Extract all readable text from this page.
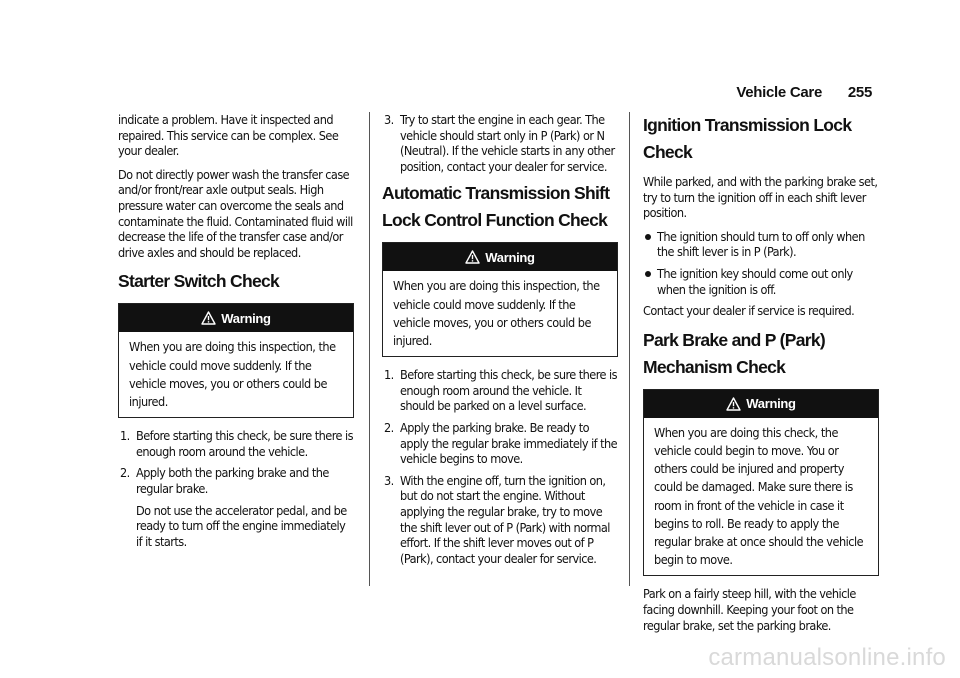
Vehicle Care 255

indicate a problem. Have it inspected and repaired. This service can be complex. See your dealer.

Do not directly power wash the transfer case and/or front/rear axle output seals. High pressure water can overcome the seals and contaminate the fluid. Contaminated fluid will decrease the life of the transfer case and/or drive axles and should be replaced.

Starter Switch Check
Warning
When you are doing this inspection, the vehicle could move suddenly. If the vehicle moves, you or others could be injured.
1. Before starting this check, be sure there is enough room around the vehicle.
2. Apply both the parking brake and the regular brake.
Do not use the accelerator pedal, and be ready to turn off the engine immediately if it starts.
3. Try to start the engine in each gear. The vehicle should start only in P (Park) or N (Neutral). If the vehicle starts in any other position, contact your dealer for service.
Automatic Transmission Shift Lock Control Function Check
Warning
When you are doing this inspection, the vehicle could move suddenly. If the vehicle moves, you or others could be injured.
1. Before starting this check, be sure there is enough room around the vehicle. It should be parked on a level surface.
2. Apply the parking brake. Be ready to apply the regular brake immediately if the vehicle begins to move.
3. With the engine off, turn the ignition on, but do not start the engine. Without applying the regular brake, try to move the shift lever out of P (Park) with normal effort. If the shift lever moves out of P (Park), contact your dealer for service.
Ignition Transmission Lock Check

While parked, and with the parking brake set, try to turn the ignition off in each shift lever position.

The ignition should turn to off only when the shift lever is in P (Park).
The ignition key should come out only when the ignition is off.

Contact your dealer if service is required.

Park Brake and P (Park) Mechanism Check
Warning
When you are doing this check, the vehicle could begin to move. You or others could be injured and property could be damaged. Make sure there is room in front of the vehicle in case it begins to roll. Be ready to apply the regular brake at once should the vehicle begin to move.

Park on a fairly steep hill, with the vehicle facing downhill. Keeping your foot on the regular brake, set the parking brake.

carmanualsonline.info
